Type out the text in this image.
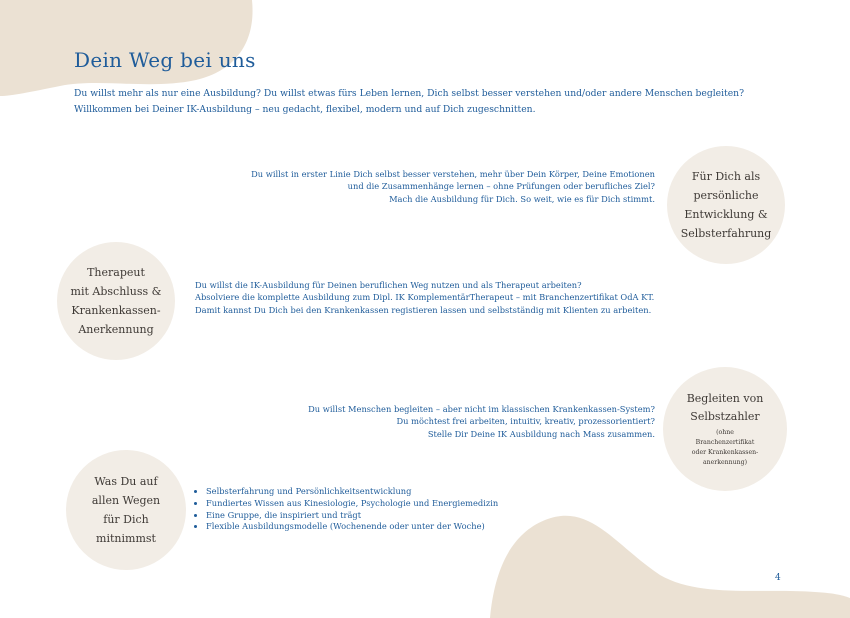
Dein Weg bei uns

Du willst mehr als nur eine Ausbildung? Du willst etwas fürs Leben lernen, Dich selbst besser verstehen und/oder andere Menschen begleiten?

Willkommen bei Deiner IK-Ausbildung – neu gedacht, flexibel, modern und auf Dich zugeschnitten.

Für Dich als
persönliche
Entwicklung &
Selbsterfahrung

Du willst in erster Linie Dich selbst besser verstehen, mehr über Dein Körper, Deine Emotionen

und die Zusammenhänge lernen – ohne Prüfungen oder berufliches Ziel?

Mach die Ausbildung für Dich. So weit, wie es für Dich stimmt.

Therapeut
mit Abschluss &
Krankenkassen-
Anerkennung

Du willst die IK-Ausbildung für Deinen beruflichen Weg nutzen und als Therapeut arbeiten?

Absolviere die komplette Ausbildung zum Dipl. IK KomplementärTherapeut – mit Branchenzertifikat OdA KT.

Damit kannst Du Dich bei den Krankenkassen registieren lassen und selbstständig mit Klienten zu arbeiten.

Begleiten von
Selbstzahler
(ohne
Branchenzertifikat
oder Krankenkassen-
anerkennung)

Du willst Menschen begleiten – aber nicht im klassischen Krankenkassen-System?

Du möchtest frei arbeiten, intuitiv, kreativ, prozessorientiert?

Stelle Dir Deine IK Ausbildung nach Mass zusammen.

Was Du auf
allen Wegen
für Dich
mitnimmst
• Selbsterfahrung und Persönlichkeitsentwicklung
• Fundiertes Wissen aus Kinesiologie, Psychologie und Energiemedizin
• Eine Gruppe, die inspiriert und trägt
• Flexible Ausbildungsmodelle (Wochenende oder unter der Woche)
4
